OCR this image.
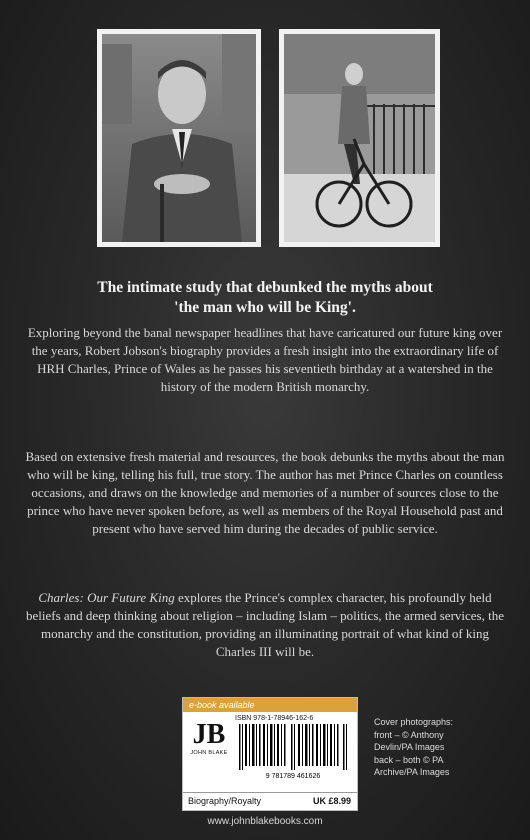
The intimate study that debunked the myths about
'the man who will be King'.

Exploring beyond the banal newspaper headlines that have caricatured our future king over the years, Robert Jobson's biography provides a fresh insight into the extraordinary life of HRH Charles, Prince of Wales as he passes his seventieth birthday at a watershed in the history of the modern British monarchy.

Based on extensive fresh material and resources, the book debunks the myths about the man who will be king, telling his full, true story. The author has met Prince Charles on countless occasions, and draws on the knowledge and memories of a number of sources close to the prince who have never spoken before, as well as members of the Royal Household past and present who have served him during the decades of public service.

Charles: Our Future King explores the Prince's complex character, his profoundly held beliefs and deep thinking about religion – including Islam – politics, the armed services, the monarchy and the constitution, providing an illuminating portrait of what kind of king Charles III will be.

e-book available
JB
JOHN BLAKE
ISBN 978-1-78946-162-6
9 781789 461626
Biography/Royalty	UK £8.99
Cover photographs:
front – © Anthony
Devlin/PA Images
back – both © PA
Archive/PA Images
www.johnblakebooks.com
